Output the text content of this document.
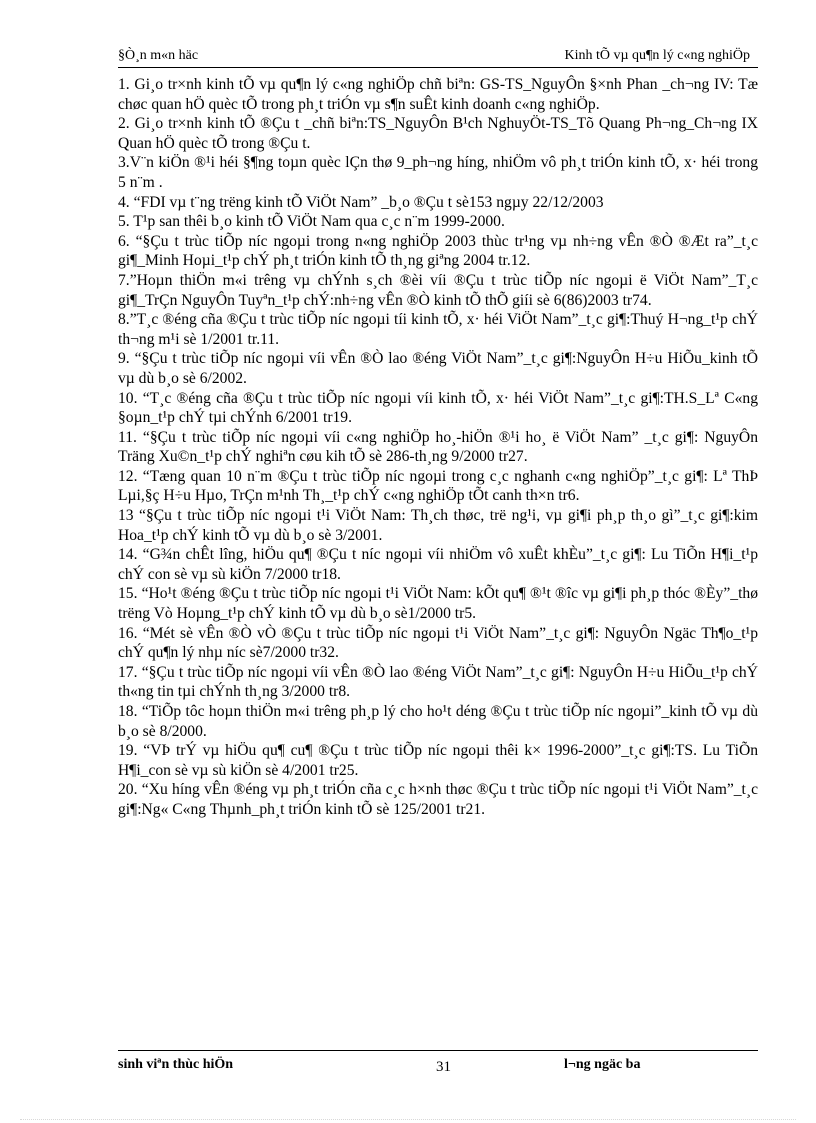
§Ò¸n m«n häc	Kinh tÕ vµ qu¶n lý c«ng nghiÖp

1. Gi¸o tr×nh kinh tÕ vµ qu¶n lý c«ng nghiÖp chñ biªn: GS-TS_NguyÔn §×nh Phan _ch¬ng IV: Tæ chøc quan hÖ quèc tÕ trong ph¸t triÓn vµ s¶n suÊt kinh doanh c«ng nghiÖp.

2. Gi¸o tr×nh kinh tÕ ®Çu t _chñ biªn:TS_NguyÔn B¹ch NghuyÖt-TS_Tõ Quang Ph¬ng_Ch¬ng IX Quan hÖ quèc tÕ trong ®Çu t.

3.V¨n kiÖn ®¹i héi §¶ng toµn quèc lÇn thø 9_ph¬ng híng, nhiÖm vô ph¸t triÓn kinh tÕ, x· héi trong 5 n¨m .

4. “FDI vµ t¨ng trëng kinh tÕ ViÖt Nam” _b¸o ®Çu t sè153 ngµy 22/12/2003

5. T¹p san thêi b¸o kinh tÕ ViÖt Nam qua c¸c n¨m 1999-2000.

6. “§Çu t trùc tiÕp níc ngoµi trong n«ng nghiÖp 2003 thùc tr¹ng vµ nh÷ng vÊn ®Ò ®Æt ra”_t¸c gi¶_Minh Hoµi_t¹p chÝ ph¸t triÓn kinh tÕ th¸ng giªng 2004 tr.12.

7.”Hoµn thiÖn m«i trêng vµ chÝnh s¸ch ®èi víi ®Çu t trùc tiÕp níc ngoµi ë ViÖt Nam”_T¸c gi¶_TrÇn NguyÔn Tuyªn_t¹p chÝ:nh÷ng vÊn ®Ò kinh tÕ thÕ giíi sè 6(86)2003 tr74.

8.”T¸c ®éng cña ®Çu t trùc tiÕp níc ngoµi tíi kinh tÕ, x· héi ViÖt Nam”_t¸c gi¶:Thuý H¬ng_t¹p chÝ th¬ng m¹i sè 1/2001 tr.11.

9. “§Çu t trùc tiÕp níc ngoµi víi vÊn ®Ò lao ®éng ViÖt Nam”_t¸c gi¶:NguyÔn H÷u HiÕu_kinh tÕ vµ dù b¸o sè 6/2002.

10. “T¸c ®éng cña ®Çu t trùc tiÕp níc ngoµi víi kinh tÕ, x· héi ViÖt Nam”_t¸c gi¶:TH.S_Lª C«ng §oµn_t¹p chÝ tµi chÝnh 6/2001 tr19.

11. “§Çu t trùc tiÕp níc ngoµi víi c«ng nghiÖp ho¸-hiÖn ®¹i ho¸ ë ViÖt Nam” _t¸c gi¶: NguyÔn Träng Xu©n_t¹p chÝ nghiªn cøu kih tÕ sè 286-th¸ng 9/2000 tr27.

12. “Tæng quan 10 n¨m ®Çu t trùc tiÕp níc ngoµi trong c¸c nghanh c«ng nghiÖp”_t¸c gi¶: Lª ThÞ Lµi,§ç H÷u Hµo, TrÇn m¹nh Th¸_t¹p chÝ c«ng nghiÖp tÕt canh th×n tr6.

13 “§Çu t trùc tiÕp níc ngoµi t¹i ViÖt Nam: Th¸ch thøc, trë ng¹i, vµ gi¶i ph¸p th¸o gì”_t¸c gi¶:kim Hoa_t¹p chÝ kinh tÕ vµ dù b¸o sè 3/2001.

14. “G¾n chÊt lîng, hiÖu qu¶ ®Çu t níc ngoµi víi nhiÖm vô xuÊt khÈu”_t¸c gi¶: Lu TiÕn H¶i_t¹p chÝ con sè vµ sù kiÖn 7/2000 tr18.

15. “Ho¹t ®éng ®Çu t trùc tiÕp níc ngoµi t¹i ViÖt Nam: kÕt qu¶ ®¹t ®îc vµ gi¶i ph¸p thóc ®Èy”_thø trëng Vò Hoµng_t¹p chÝ kinh tÕ vµ dù b¸o sè1/2000 tr5.

16. “Mét sè vÊn ®Ò vÒ ®Çu t trùc tiÕp níc ngoµi t¹i ViÖt Nam”_t¸c gi¶: NguyÔn Ngäc Th¶o_t¹p chÝ qu¶n lý nhµ níc sè7/2000 tr32.

17. “§Çu t trùc tiÕp níc ngoµi víi vÊn ®Ò lao ®éng ViÖt Nam”_t¸c gi¶: NguyÔn H÷u HiÕu_t¹p chÝ th«ng tin tµi chÝnh th¸ng 3/2000 tr8.

18. “TiÕp tôc hoµn thiÖn m«i trêng ph¸p lý cho ho¹t déng ®Çu t trùc tiÕp níc ngoµi”_kinh tÕ vµ dù b¸o sè 8/2000.

19. “VÞ trÝ vµ hiÖu qu¶ cu¶ ®Çu t trùc tiÕp níc ngoµi thêi k× 1996-2000”_t¸c gi¶:TS. Lu TiÕn H¶i_con sè vµ sù kiÖn sè 4/2001 tr25.

20. “Xu híng vÊn ®éng vµ ph¸t triÓn cña c¸c h×nh thøc ®Çu t trùc tiÕp níc ngoµi t¹i ViÖt Nam”_t¸c gi¶:Ng« C«ng Thµnh_ph¸t triÓn kinh tÕ sè 125/2001 tr21.

sinh viªn thùc hiÖn	31	l¬ng ngäc ba
